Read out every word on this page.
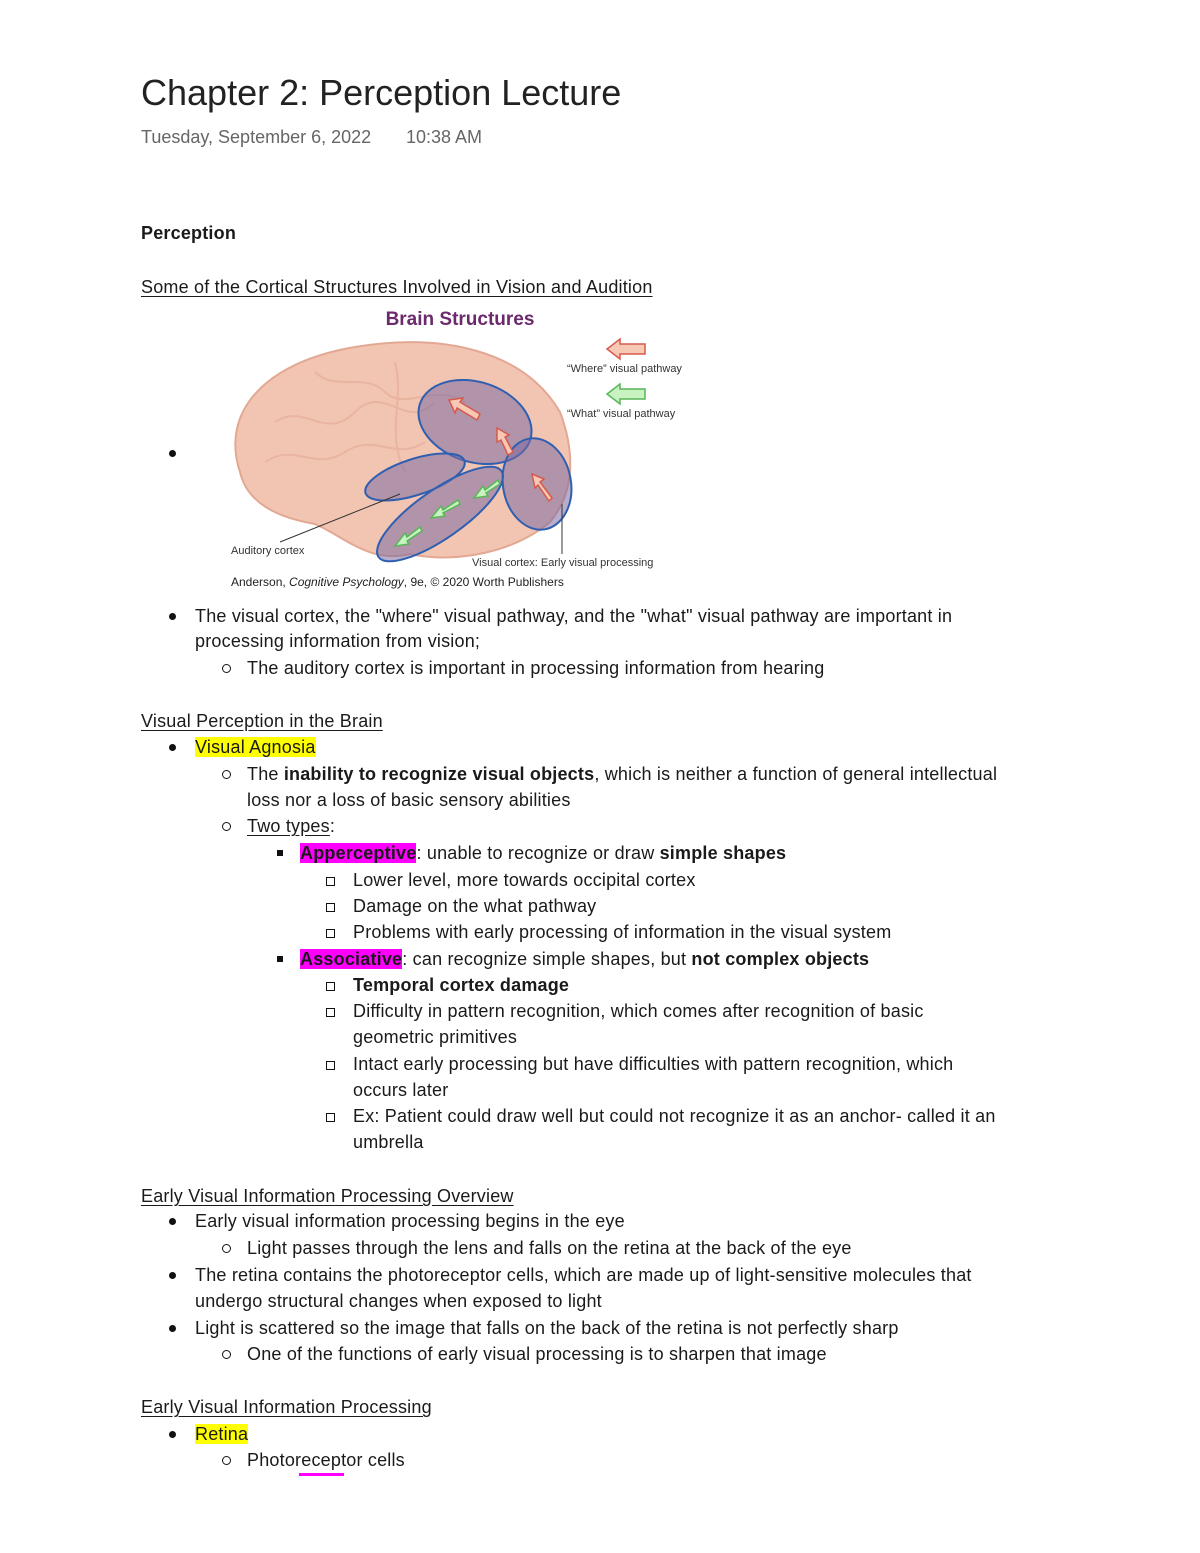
Chapter 2: Perception Lecture
Tuesday, September 6, 2022 10:38 AM
Perception
Some of the Cortical Structures Involved in Vision and Audition
Brain Structures
“Where” visual pathway
“What” visual pathway
Auditory cortex
Visual cortex: Early visual processing
Anderson, Cognitive Psychology, 9e, © 2020 Worth Publishers
The visual cortex, the "where" visual pathway, and the "what" visual pathway are important in
processing information from vision;
The auditory cortex is important in processing information from hearing
Visual Perception in the Brain
Visual Agnosia
The inability to recognize visual objects, which is neither a function of general intellectual
loss nor a loss of basic sensory abilities
Two types:
Apperceptive: unable to recognize or draw simple shapes
Lower level, more towards occipital cortex
Damage on the what pathway
Problems with early processing of information in the visual system
Associative: can recognize simple shapes, but not complex objects
Temporal cortex damage
Difficulty in pattern recognition, which comes after recognition of basic
geometric primitives
Intact early processing but have difficulties with pattern recognition, which
occurs later
Ex: Patient could draw well but could not recognize it as an anchor- called it an
umbrella
Early Visual Information Processing Overview
Early visual information processing begins in the eye
Light passes through the lens and falls on the retina at the back of the eye
The retina contains the photoreceptor cells, which are made up of light-sensitive molecules that
undergo structural changes when exposed to light
Light is scattered so the image that falls on the back of the retina is not perfectly sharp
One of the functions of early visual processing is to sharpen that image
Early Visual Information Processing
Retina
Photoreceptor cells
